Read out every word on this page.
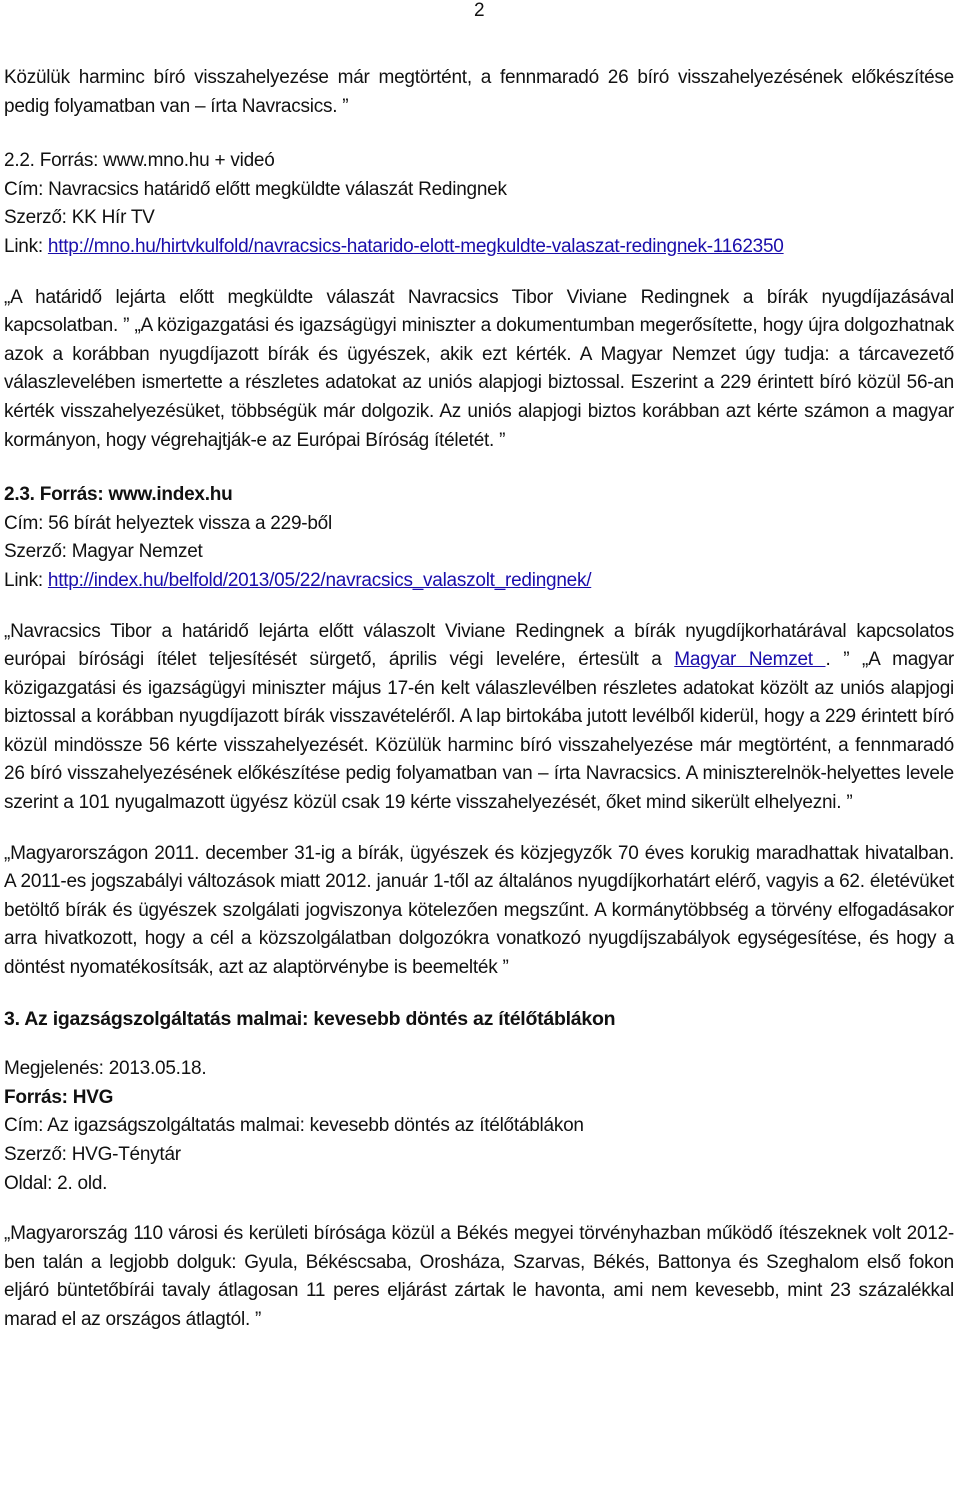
2

Közülük harminc bíró visszahelyezése már megtörtént, a fennmaradó 26 bíró visszahelyezésének előkészítése pedig folyamatban van – írta Navracsics. ”

2.2. Forrás: www.mno.hu + videó

Cím: Navracsics határidő előtt megküldte válaszát Redingnek

Szerző: KK Hír TV

Link: http://mno.hu/hirtvkulfold/navracsics-hatarido-elott-megkuldte-valaszat-redingnek-1162350

„A határidő lejárta előtt megküldte válaszát Navracsics Tibor Viviane Redingnek a bírák nyugdíjazásával kapcsolatban. ” „A közigazgatási és igazságügyi miniszter a dokumentumban megerősítette, hogy újra dolgozhatnak azok a korábban nyugdíjazott bírák és ügyészek, akik ezt kérték. A Magyar Nemzet úgy tudja: a tárcavezető válaszlevelében ismertette a részletes adatokat az uniós alapjogi biztossal. Eszerint a 229 érintett bíró közül 56-an kérték visszahelyezésüket, többségük már dolgozik. Az uniós alapjogi biztos korábban azt kérte számon a magyar kormányon, hogy végrehajtják-e az Európai Bíróság ítéletét. ”

2.3. Forrás: www.index.hu

Cím: 56 bírát helyeztek vissza a 229-ből

Szerző: Magyar Nemzet

Link: http://index.hu/belfold/2013/05/22/navracsics_valaszolt_redingnek/

„Navracsics Tibor a határidő lejárta előtt válaszolt Viviane Redingnek a bírák nyugdíjkorhatárával kapcsolatos európai bírósági ítélet teljesítését sürgető, április végi levelére, értesült a Magyar Nemzet . ” „A magyar közigazgatási és igazságügyi miniszter május 17-én kelt válaszlevélben részletes adatokat közölt az uniós alapjogi biztossal a korábban nyugdíjazott bírák visszavételéről. A lap birtokába jutott levélből kiderül, hogy a 229 érintett bíró közül mindössze 56 kérte visszahelyezését. Közülük harminc bíró visszahelyezése már megtörtént, a fennmaradó 26 bíró visszahelyezésének előkészítése pedig folyamatban van – írta Navracsics. A miniszterelnök-helyettes levele szerint a 101 nyugalmazott ügyész közül csak 19 kérte visszahelyezését, őket mind sikerült elhelyezni. ”

„Magyarországon 2011. december 31-ig a bírák, ügyészek és közjegyzők 70 éves korukig maradhattak hivatalban. A 2011-es jogszabályi változások miatt 2012. január 1-től az általános nyugdíjkorhatárt elérő, vagyis a 62. életévüket betöltő bírák és ügyészek szolgálati jogviszonya kötelezően megszűnt. A kormánytöbbség a törvény elfogadásakor arra hivatkozott, hogy a cél a közszolgálatban dolgozókra vonatkozó nyugdíjszabályok egységesítése, és hogy a döntést nyomatékosítsák, azt az alaptörvénybe is beemelték ”

3. Az igazságszolgáltatás malmai: kevesebb döntés az ítélőtáblákon

Megjelenés: 2013.05.18.

Forrás: HVG

Cím: Az igazságszolgáltatás malmai: kevesebb döntés az ítélőtáblákon

Szerző: HVG-Ténytár

Oldal: 2. old.

„Magyarország 110 városi és kerületi bírósága közül a Békés megyei törvényhazban működő ítészeknek volt 2012-ben talán a legjobb dolguk: Gyula, Békéscsaba, Orosháza, Szarvas, Békés, Battonya és Szeghalom első fokon eljáró büntetőbírái tavaly átlagosan 11 peres eljárást zártak le havonta, ami nem kevesebb, mint 23 százalékkal marad el az országos átlagtól. ”
